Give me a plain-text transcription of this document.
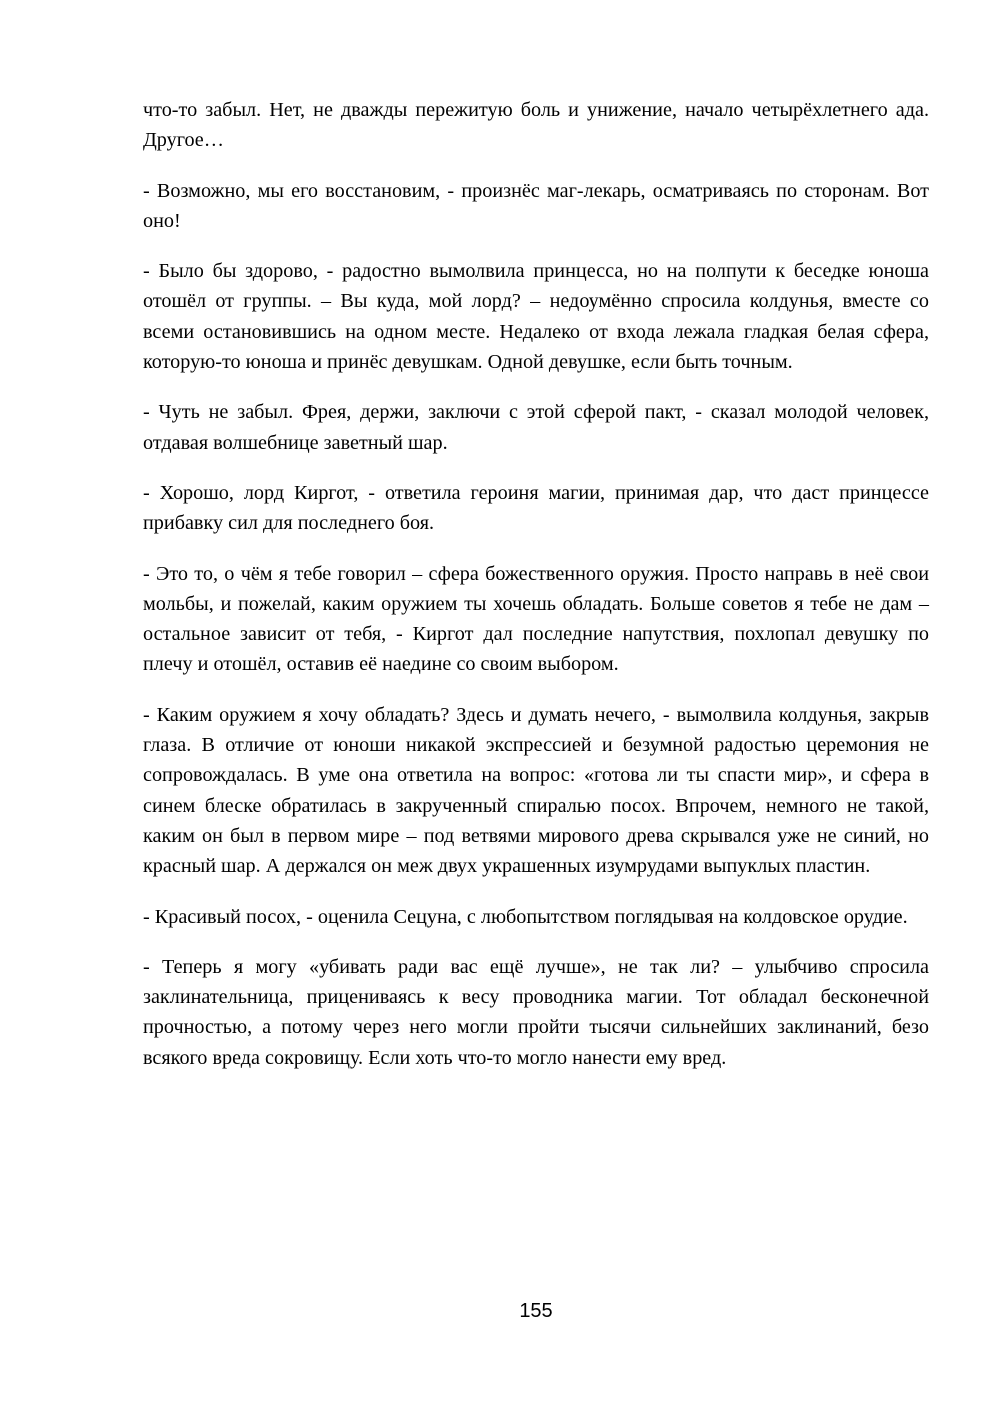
что-то забыл. Нет, не дважды пережитую боль и унижение, начало четырёхлетнего ада. Другое…

- Возможно, мы его восстановим, - произнёс маг-лекарь, осматриваясь по сторонам. Вот оно!

- Было бы здорово, - радостно вымолвила принцесса, но на полпути к беседке юноша отошёл от группы. – Вы куда, мой лорд? – недоумённо спросила колдунья, вместе со всеми остановившись на одном месте. Недалеко от входа лежала гладкая белая сфера, которую-то юноша и принёс девушкам. Одной девушке, если быть точным.

- Чуть не забыл. Фрея, держи, заключи с этой сферой пакт, - сказал молодой человек, отдавая волшебнице заветный шар.

- Хорошо, лорд Киргот, - ответила героиня магии, принимая дар, что даст принцессе прибавку сил для последнего боя.

- Это то, о чём я тебе говорил – сфера божественного оружия. Просто направь в неё свои мольбы, и пожелай, каким оружием ты хочешь обладать. Больше советов я тебе не дам – остальное зависит от тебя, - Киргот дал последние напутствия, похлопал девушку по плечу и отошёл, оставив её наедине со своим выбором.

- Каким оружием я хочу обладать? Здесь и думать нечего, - вымолвила колдунья, закрыв глаза. В отличие от юноши никакой экспрессией и безумной радостью церемония не сопровождалась. В уме она ответила на вопрос: «готова ли ты спасти мир», и сфера в синем блеске обратилась в закрученный спиралью посох. Впрочем, немного не такой, каким он был в первом мире – под ветвями мирового древа скрывался уже не синий, но красный шар. А держался он меж двух украшенных изумрудами выпуклых пластин.

- Красивый посох, - оценила Сецуна, с любопытством поглядывая на колдовское орудие.

- Теперь я могу «убивать ради вас ещё лучше», не так ли? – улыбчиво спросила заклинательница, прицениваясь к весу проводника магии. Тот обладал бесконечной прочностью, а потому через него могли пройти тысячи сильнейших заклинаний, безо всякого вреда сокровищу. Если хоть что-то могло нанести ему вред.

155
